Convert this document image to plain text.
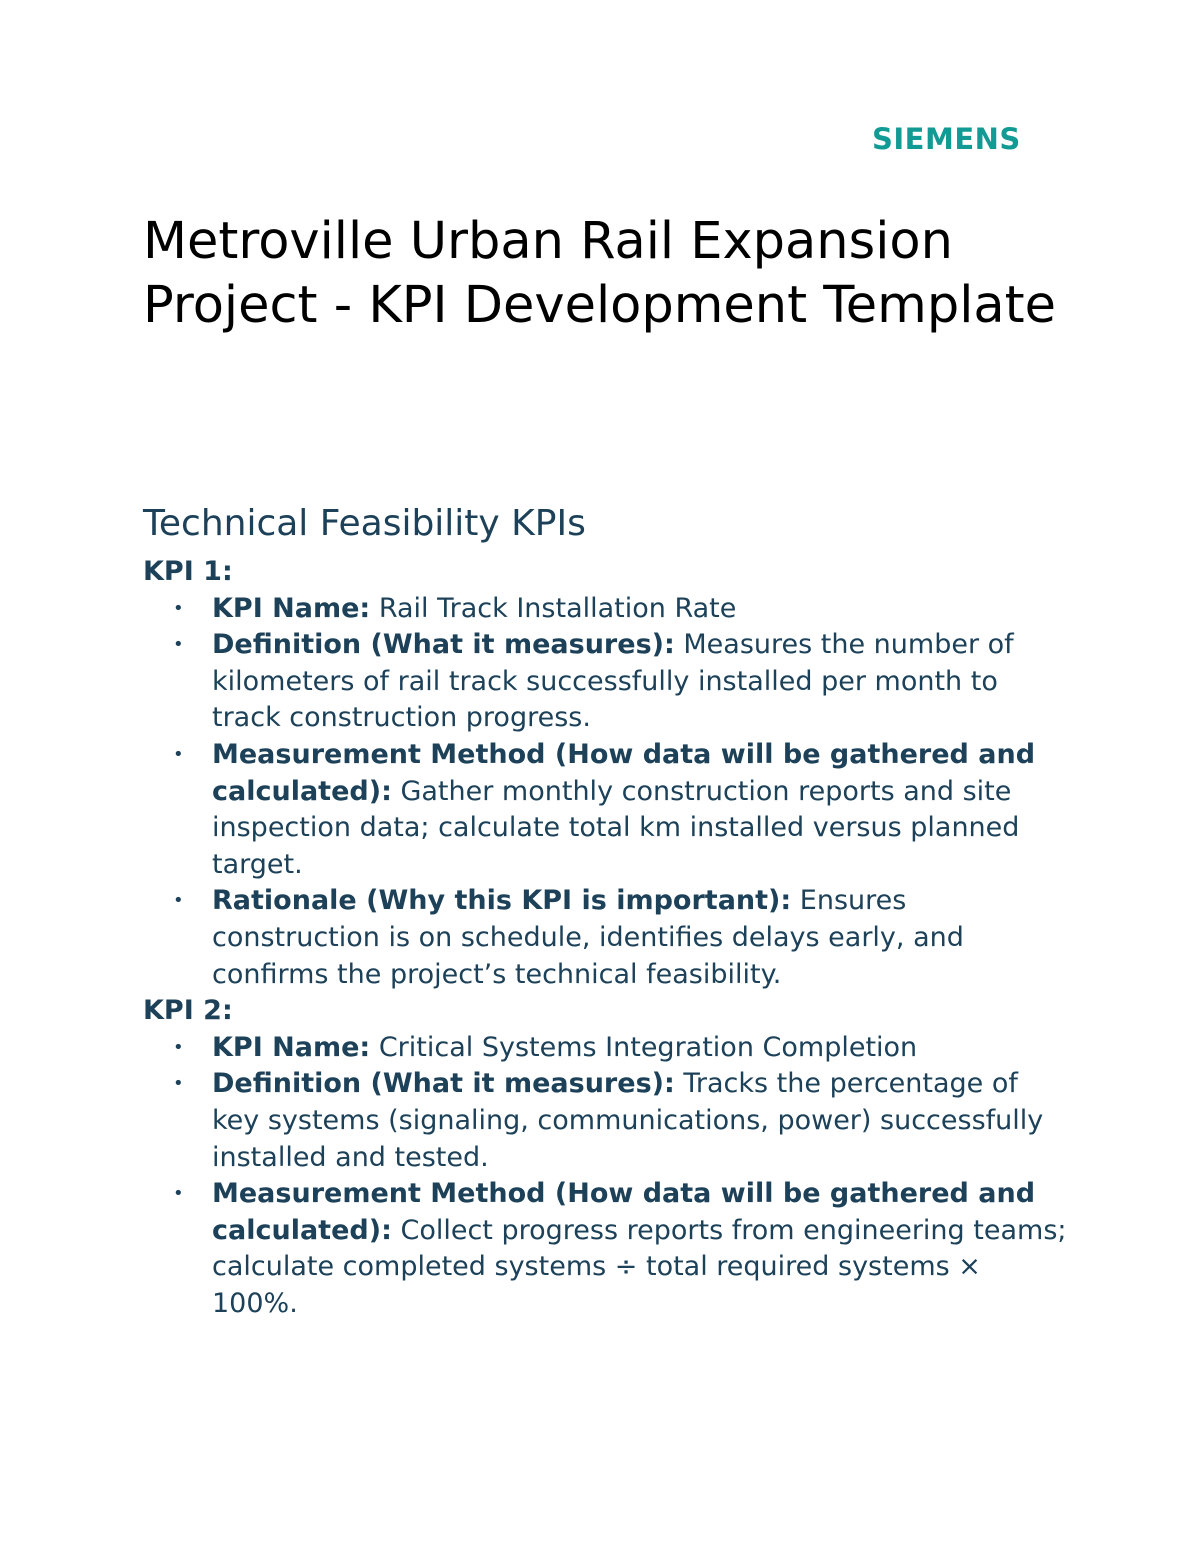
SIEMENS
Metroville Urban Rail Expansion Project - KPI Development Template
Technical Feasibility KPIs
KPI 1:
• KPI Name: Rail Track Installation Rate
• Definition (What it measures): Measures the number of kilometers of rail track successfully installed per month to track construction progress.
• Measurement Method (How data will be gathered and calculated): Gather monthly construction reports and site inspection data; calculate total km installed versus planned target.
• Rationale (Why this KPI is important): Ensures construction is on schedule, identifies delays early, and confirms the project’s technical feasibility.
KPI 2:
• KPI Name: Critical Systems Integration Completion
• Definition (What it measures): Tracks the percentage of key systems (signaling, communications, power) successfully installed and tested.
• Measurement Method (How data will be gathered and calculated): Collect progress reports from engineering teams; calculate completed systems ÷ total required systems × 100%.
